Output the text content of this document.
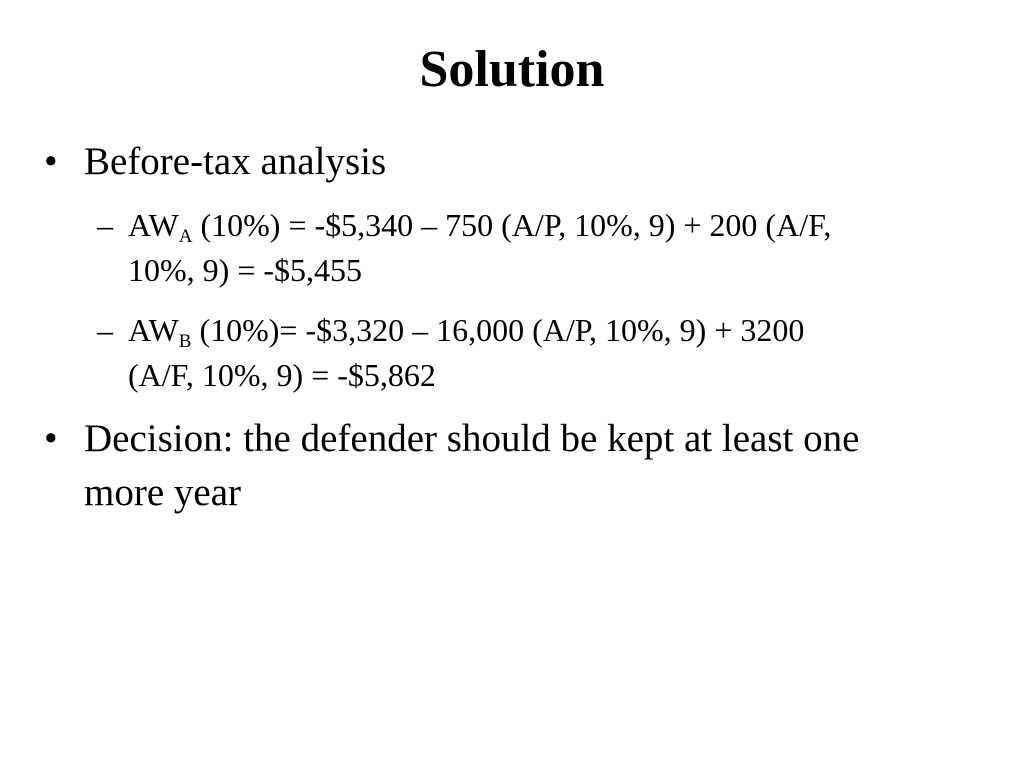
Solution
• Before-tax analysis
– $AW_A$ (10%) = -$5,340 – 750 (A/P, 10%, 9) + 200 (A/F,
10%, 9) = -$5,455
– $AW_B$ (10%)= -$3,320 – 16,000 (A/P, 10%, 9) + 3200
(A/F, 10%, 9) = -$5,862
• Decision: the defender should be kept at least one
more year
